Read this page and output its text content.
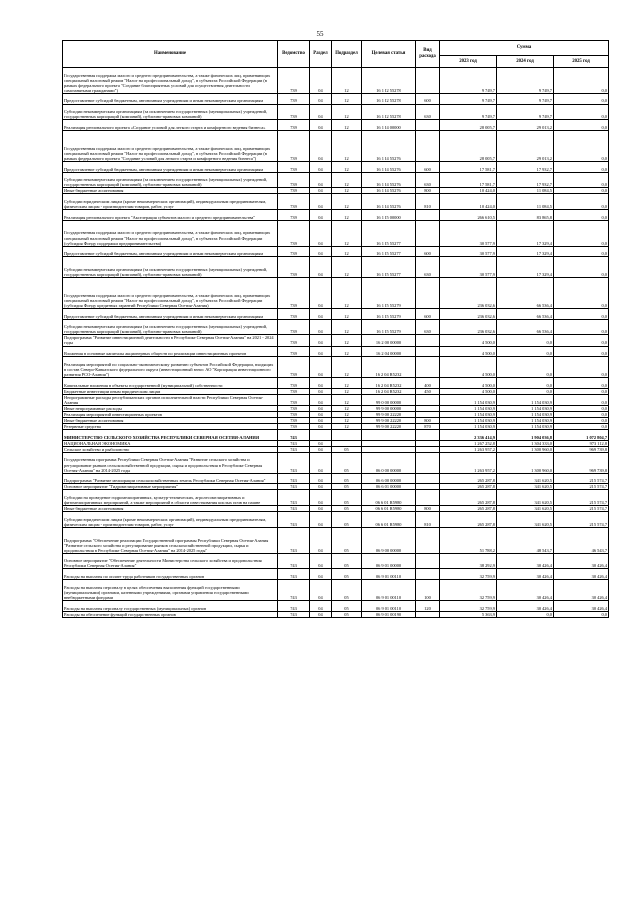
55
Наименование	Ведомство	Раздел	Подраздел	Целевая статья	Вид расхода	Сумма		
						2023 год	2024 год	2025 год
Государственная поддержка малого и среднего предпринимательства, а также физических лиц, применяющих специальный налоговый режим "Налог на профессиональный доход", в субъектах Российской Федерации (в рамках федерального проекта "Создание благоприятных условий для осуществления деятельности самозанятыми гражданами")	739	04	12	16 1 I2 55278		9 749,7	9 749,7	0,0
Предоставление субсидий бюджетным, автономным учреждениям и иным некоммерческим организациям	739	04	12	16 1 I2 55278	600	9 749,7	9 749,7	0,0
Субсидии некоммерческим организациям (за исключением государственных (муниципальных) учреждений, государственных корпораций (компаний), публично-правовых компаний)	739	04	12	16 1 I2 55278	630	9 749,7	9 749,7	0,0
Реализация регионального проекта «Создание условий для легкого старта и комфортного ведения бизнеса»	739	04	12	16 1 I4 00000		28 005,7	29 013,2	0,0
Государственная поддержка малого и среднего предпринимательства, а также физических лиц, применяющих специальный налоговый режим "Налог на профессиональный доход", в субъектах Российской Федерации (в рамках федерального проекта "Создание условий для легкого старта и комфортного ведения бизнеса")	739	04	12	16 1 I4 55276		28 005,7	29 013,2	0,0
Предоставление субсидий бюджетным, автономным учреждениям и иным некоммерческим организациям	739	04	12	16 1 I4 55276	600	17 581,7	17 932,7	0,0
Субсидии некоммерческим организациям (за исключением государственных (муниципальных) учреждений, государственных корпораций (компаний), публично-правовых компаний)	739	04	12	16 1 I4 55276	630	17 581,7	17 932,7	0,0
Иные бюджетные ассигнования	739	04	12	16 1 I4 55276	800	10 424,0	11 084,5	0,0
Субсидии юридическим лицам (кроме некоммерческих организаций), индивидуальным предпринимателям, физическим лицам - производителям товаров, работ, услуг	739	04	12	16 1 I4 55276	810	10 424,0	11 084,5	0,0
Реализация регионального проекта "Акселерация субъектов малого и среднего предпринимательства"	739	04	12	16 1 I5 00000		266 610,5	83 865,8	0,0
Государственная поддержка малого и среднего предпринимательства, а также физических лиц, применяющих специальный налоговый режим "Налог на профессиональный доход", в субъектах Российской Федерации (субсидия Фонду поддержки предпринимательства)	739	04	12	16 1 I5 55277		30 577,9	17 329,4	0,0
Предоставление субсидий бюджетным, автономным учреждениям и иным некоммерческим организациям	739	04	12	16 1 I5 55277	600	30 577,9	17 329,4	0,0
Субсидии некоммерческим организациям (за исключением государственных (муниципальных) учреждений, государственных корпораций (компаний), публично-правовых компаний)	739	04	12	16 1 I5 55277	630	30 577,9	17 329,4	0,0
Государственная поддержка малого и среднего предпринимательства, а также физических лиц, применяющих специальный налоговый режим "Налог на профессиональный доход", в субъектах Российской Федерации (субсидия Фонду кредитных гарантий Республики Северная Осетия-Алания)	739	04	12	16 1 I5 55279		236 032,6	66 536,4	0,0
Предоставление субсидий бюджетным, автономным учреждениям и иным некоммерческим организациям	739	04	12	16 1 I5 55279	600	236 032,6	66 536,4	0,0
Субсидии некоммерческим организациям (за исключением государственных (муниципальных) учреждений, государственных корпораций (компаний), публично-правовых компаний)	739	04	12	16 1 I5 55279	630	236 032,6	66 536,4	0,0
Подпрограмма "Развитие инвестиционной деятельности в Республике Северная Осетия-Алания" на 2021 - 2024 годы	739	04	12	16 2 00 00000		4 500,0	0,0	0,0
Вложения в основные капиталы акционерных обществ по реализации инвестиционных проектов	739	04	12	16 2 04 00000		4 500,0	0,0	0,0
Реализация мероприятий по социально-экономическому развитию субъектов Российской Федерации, входящих в состав Северо-Кавказского федерального округа (инвестиционный взнос АО "Корпорация инвестиционного развития РСО-Алания")	739	04	12	16 2 04 R5232		4 500,0	0,0	0,0
Капитальные вложения в объекты государственной (муниципальной) собственности	739	04	12	16 2 04 R5232	400	4 500,0	0,0	0,0
Бюджетные инвестиции иным юридическим лицам	739	04	12	16 2 04 R5232	450	4 500,0	0,0	0,0
Непрограммные расходы республиканских органов исполнительной власти Республики Северная Осетия-Алания	739	04	12	99 0 00 00000		1 154 030,9	1 154 030,9	0,0
Иные непрограммные расходы	739	04	12	99 9 00 00000		1 154 030,9	1 154 030,9	0,0
Реализация мероприятий инвестиционных проектов	739	04	12	99 9 00 22220		1 154 030,9	1 154 030,9	0,0
Иные бюджетные ассигнования	739	04	12	99 9 00 22220	800	1 154 030,9	1 154 030,9	0,0
Резервные средства	739	04	12	99 9 00 22220	870	1 154 030,9	1 154 030,9	0,0
МИНИСТЕРСТВО СЕЛЬСКОГО ХОЗЯЙСТВА РЕСПУБЛИКИ СЕВЕРНАЯ ОСЕТИЯ-АЛАНИЯ	743					2 336 414,9	1 904 036,8	1 072 804,7
НАЦИОНАЛЬНАЯ ЭКОНОМИКА	743	04				1 267 252,8	1 304 333,0	973 112,8
Сельское хозяйство и рыболовство	743	04	05			1 263 957,2	1 300 960,0	969 739,8
Государственная программа Республики Северная Осетия-Алания "Развитие сельского хозяйства и регулирование рынков сельскохозяйственной продукции, сырья и продовольствия в Республике Северная Осетия-Алания" на 2014-2025 годы	743	04	05	06 0 00 00000		1 263 957,2	1 300 960,0	969 739,8
Подпрограмма "Развитие мелиорации сельскохозяйственных земель Республики Северная Осетия-Алания"	743	04	05	06 6 00 00000		265 287,8	341 620,5	215 574,7
Основное мероприятие "Гидромелиоративные мероприятия"	743	04	05	06 6 01 00000		265 287,8	341 620,5	215 574,7
Субсидии на проведение гидромелиоративных, культур-технических, агролесомелиоративных и фитомелиоративных мероприятий, а также мероприятий в области известкования кислых почв на пашне	743	04	05	06 6 01 R5980		265 287,8	341 620,5	215 574,7
Иные бюджетные ассигнования	743	04	05	06 6 01 R5980	800	265 287,8	341 620,5	215 574,7
Субсидии юридическим лицам (кроме некоммерческих организаций), индивидуальным предпринимателям, физическим лицам - производителям товаров, работ, услуг	743	04	05	06 6 01 R5980	810	265 287,8	341 620,5	215 574,7
Подпрограмма "Обеспечение реализации Государственной программы Республики Северная Осетия-Алания "Развитие сельского хозяйства и регулирование рынков сельскохозяйственной продукции, сырья и продовольствия в Республике Северная Осетия-Алания" на 2014-2025 годы"	743	04	05	06 9 00 00000		51 788,2	48 543,7	46 543,7
Основное мероприятие "Обеспечение деятельности Министерства сельского хозяйства и продовольствия Республики Северная Осетия-Алания"	743	04	05	06 9 01 00000		38 292,9	30 426,4	30 426,4
Расходы на выплаты по оплате труда работников государственных органов	743	04	05	06 9 01 00110		32 759,9	30 426,4	30 426,4
Расходы на выплаты персоналу в целях обеспечения выполнения функций государственными (муниципальными) органами, казенными учреждениями, органами управления государственными внебюджетными фондами	743	04	05	06 9 01 00110	100	32 759,9	30 426,4	30 426,4
Расходы на выплаты персоналу государственных (муниципальных) органов	743	04	05	06 9 01 00110	120	32 759,9	30 426,4	30 426,4
Расходы на обеспечение функций государственных органов	743	04	05	06 9 01 00190		5 363,9	0,0	0,0
